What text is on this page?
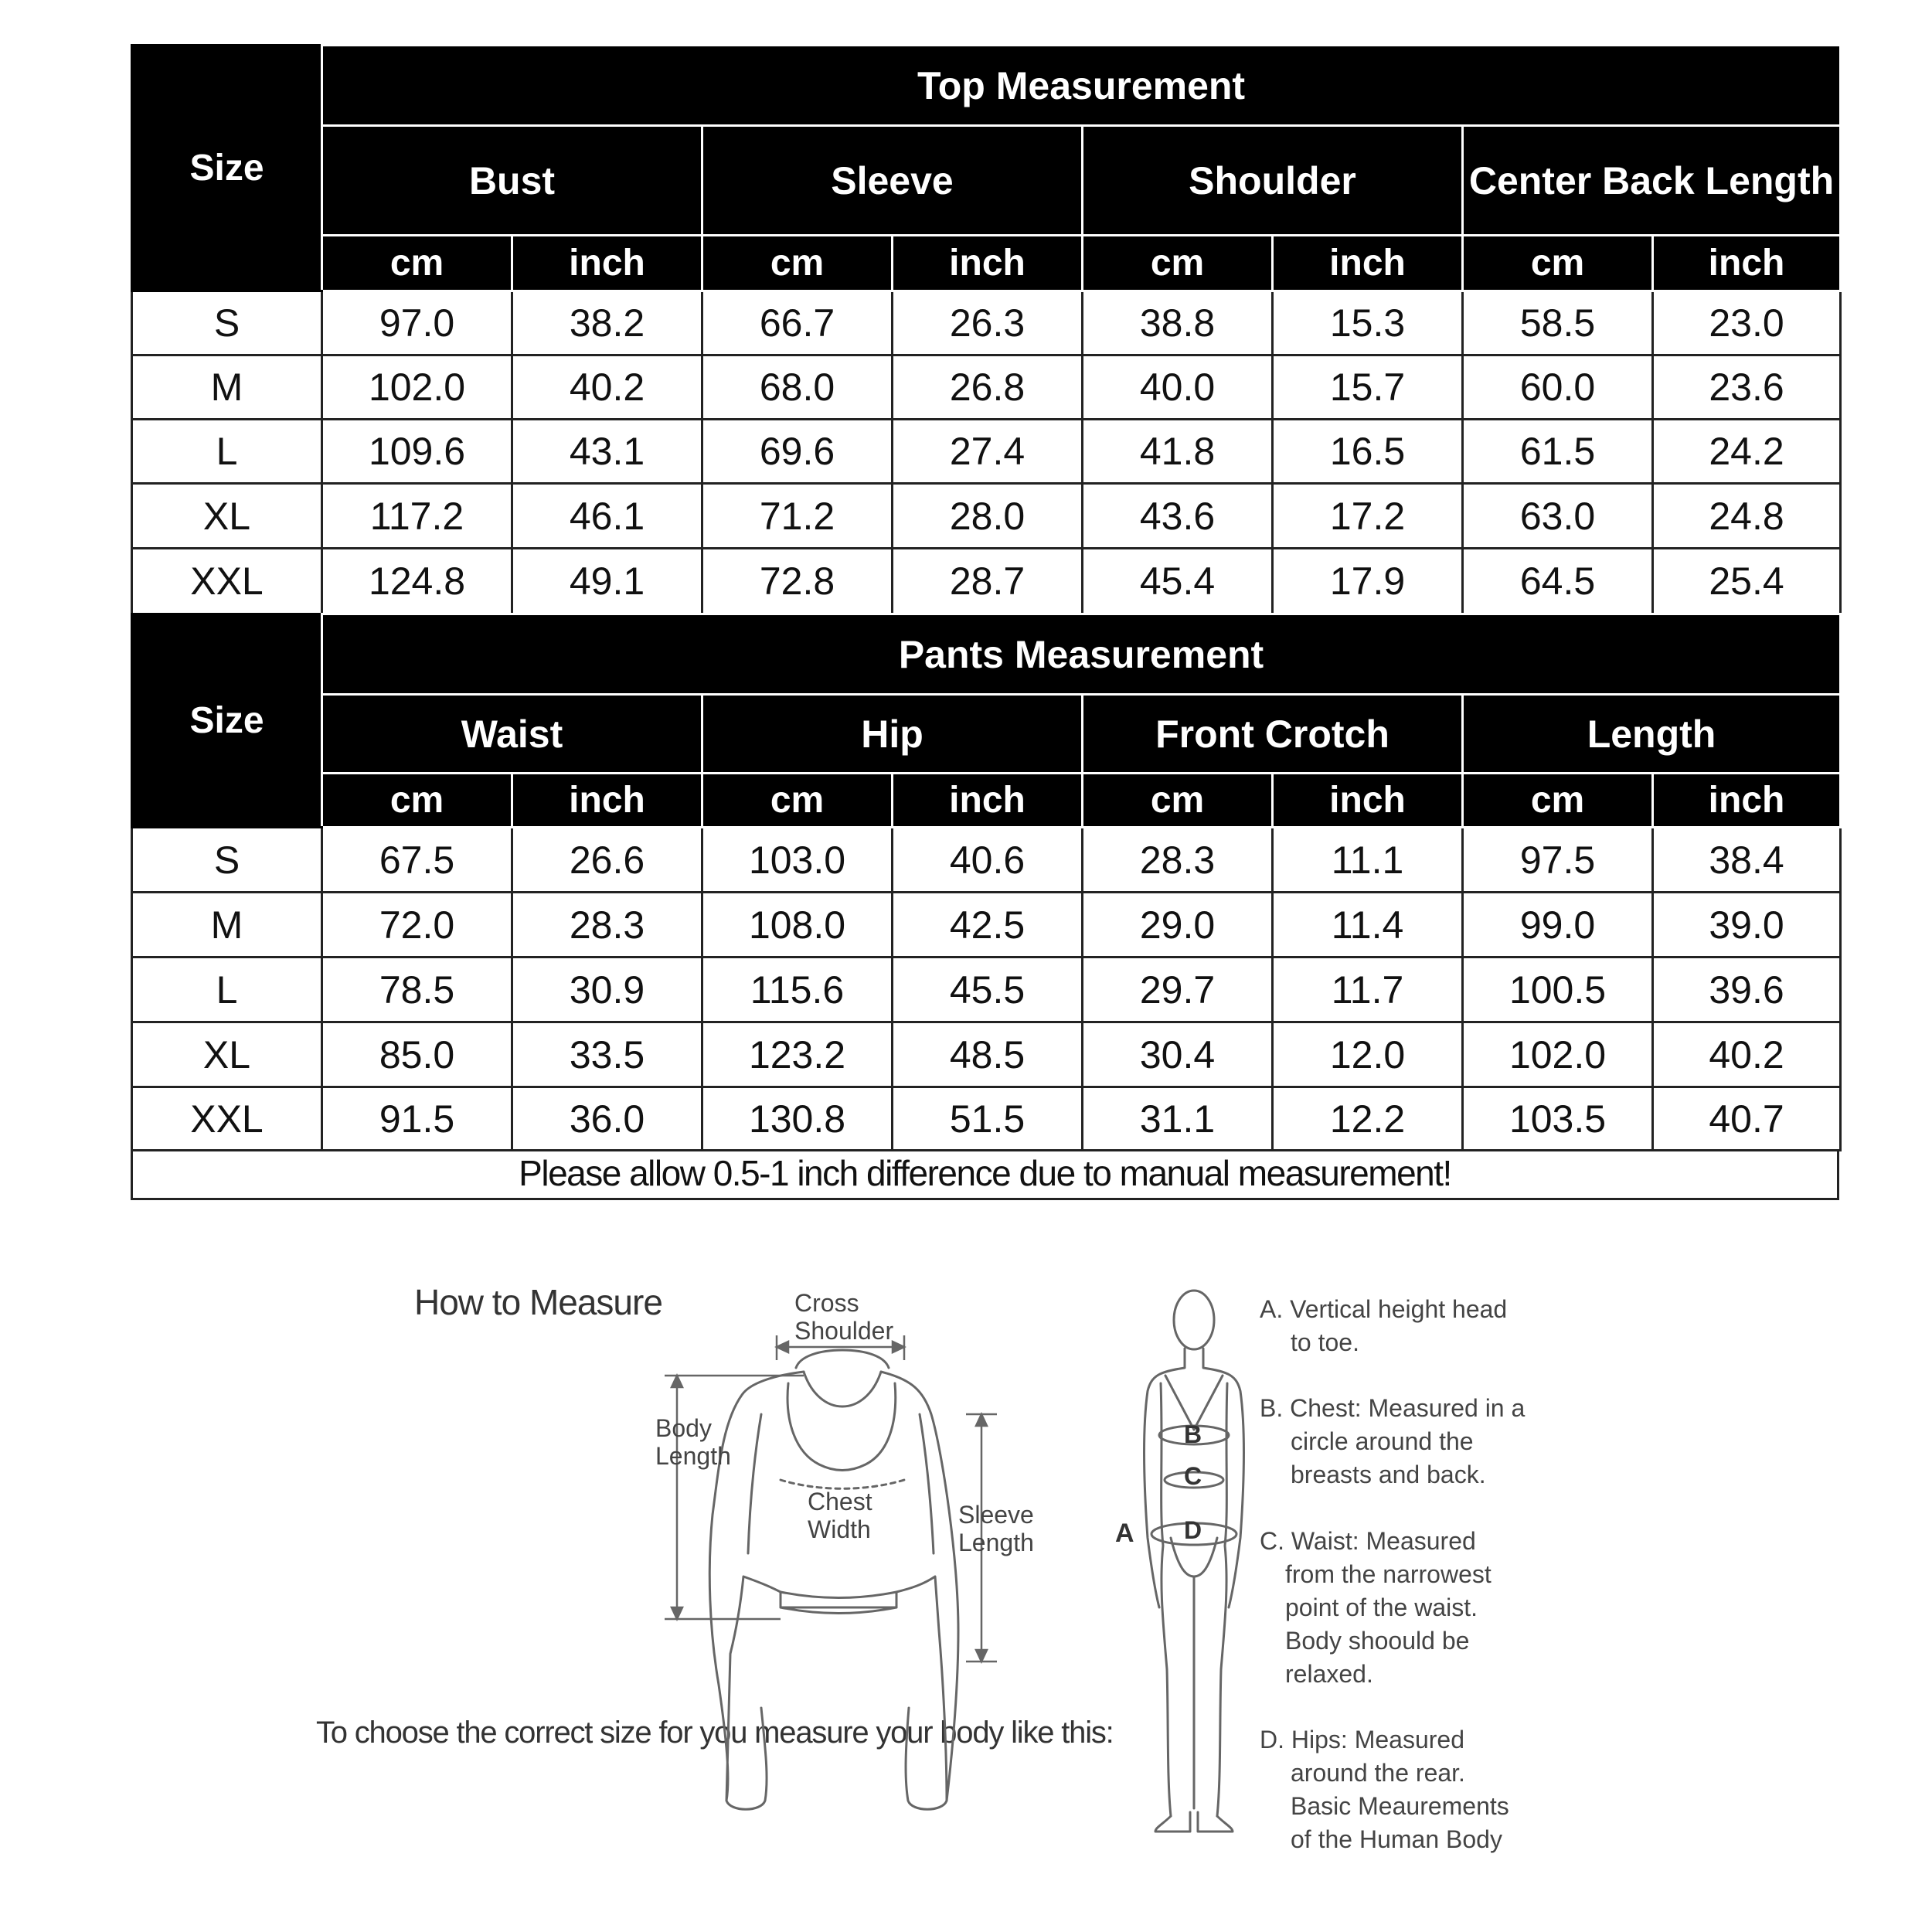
Size	Top Measurement							
	Bust		Sleeve		Shoulder		Center Back Length	
	cm	inch	cm	inch	cm	inch	cm	inch
S	97.0	38.2	66.7	26.3	38.8	15.3	58.5	23.0
M	102.0	40.2	68.0	26.8	40.0	15.7	60.0	23.6
L	109.6	43.1	69.6	27.4	41.8	16.5	61.5	24.2
XL	117.2	46.1	71.2	28.0	43.6	17.2	63.0	24.8
XXL	124.8	49.1	72.8	28.7	45.4	17.9	64.5	25.4
Size	Pants Measurement							
	Waist		Hip		Front Crotch		Length	
	cm	inch	cm	inch	cm	inch	cm	inch
S	67.5	26.6	103.0	40.6	28.3	11.1	97.5	38.4
M	72.0	28.3	108.0	42.5	29.0	11.4	99.0	39.0
L	78.5	30.9	115.6	45.5	29.7	11.7	100.5	39.6
XL	85.0	33.5	123.2	48.5	30.4	12.0	102.0	40.2
XXL	91.5	36.0	130.8	51.5	31.1	12.2	103.5	40.7
Please allow 0.5-1 inch difference due to manual measurement!
How to Measure
To choose the correct size for you measure your body like this:
Cross
Shoulder
Body
Length
Chest
Width
Sleeve
Length	A
B
C
D
A. Vertical height head
to toe.
B. Chest: Measured in a
circle around the
breasts and back.
C. Waist: Measured
from the narrowest
point of the waist.
Body shoould be
relaxed.
D. Hips: Measured
around the rear.
Basic Meaurements
of the Human Body
